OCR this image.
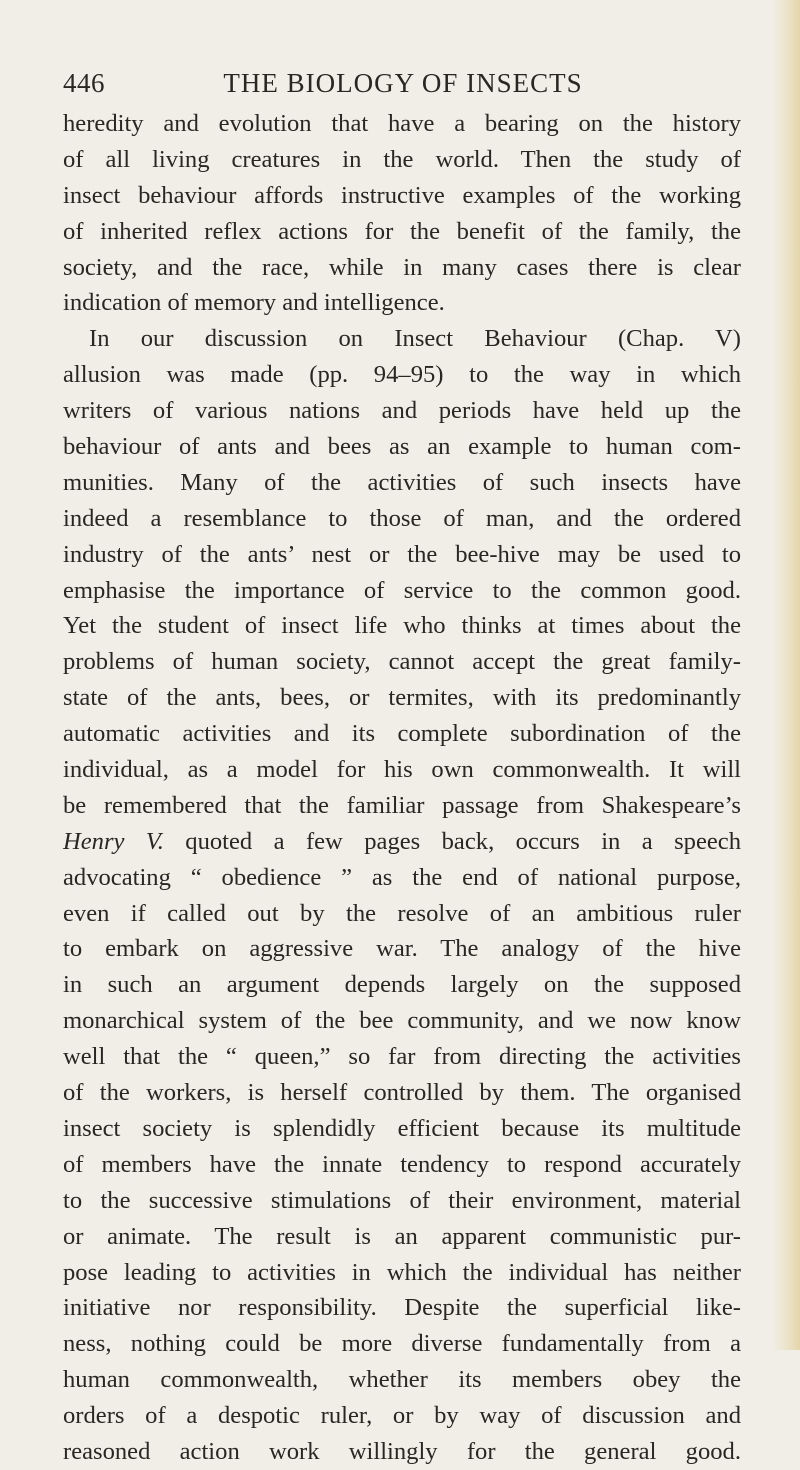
446	THE BIOLOGY OF INSECTS
heredity and evolution that have a bearing on the history
of all living creatures in the world. Then the study of
insect behaviour affords instructive examples of the working
of inherited reflex actions for the benefit of the family, the
society, and the race, while in many cases there is clear
indication of memory and intelligence.
In our discussion on Insect Behaviour (Chap. V)
allusion was made (pp. 94–95) to the way in which
writers of various nations and periods have held up the
behaviour of ants and bees as an example to human com-
munities. Many of the activities of such insects have
indeed a resemblance to those of man, and the ordered
industry of the ants’ nest or the bee-hive may be used to
emphasise the importance of service to the common good.
Yet the student of insect life who thinks at times about the
problems of human society, cannot accept the great family-
state of the ants, bees, or termites, with its predominantly
automatic activities and its complete subordination of the
individual, as a model for his own commonwealth. It will
be remembered that the familiar passage from Shakespeare’s
Henry V. quoted a few pages back, occurs in a speech
advocating “ obedience ” as the end of national purpose,
even if called out by the resolve of an ambitious ruler
to embark on aggressive war. The analogy of the hive
in such an argument depends largely on the supposed
monarchical system of the bee community, and we now know
well that the “ queen,” so far from directing the activities
of the workers, is herself controlled by them. The organised
insect society is splendidly efficient because its multitude
of members have the innate tendency to respond accurately
to the successive stimulations of their environment, material
or animate. The result is an apparent communistic pur-
pose leading to activities in which the individual has neither
initiative nor responsibility. Despite the superficial like-
ness, nothing could be more diverse fundamentally from a
human commonwealth, whether its members obey the
orders of a despotic ruler, or by way of discussion and
reasoned action work willingly for the general good.
